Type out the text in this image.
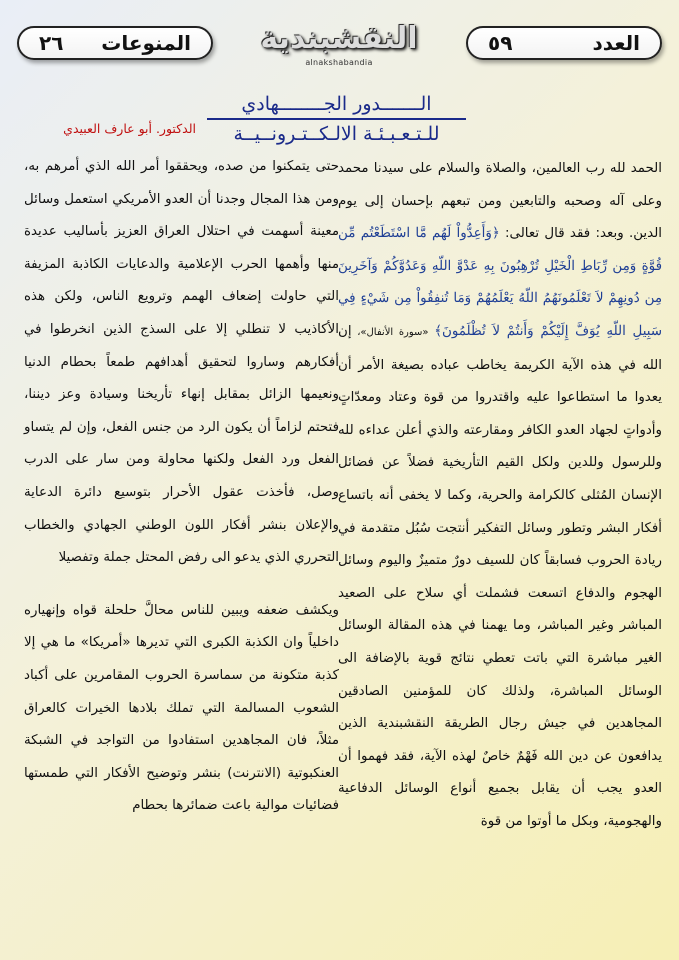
٢٦ المنوعات	النقشبندية
alnakshabandia
٥٩	العدد
الـــــــدور الجــــــــهادي
للـتـعـبـئـة الالـكــتـرونــيــة
الدكتور. أبو عارف العبيدي

الحمد لله رب العالمين، والصلاة والسلام على سيدنا محمد وعلى آله وصحبه والتابعين ومن تبعهم بإحسان إلى يوم الدين. وبعد: فقد قال تعالى: ﴿وَأَعِدُّواْ لَهُم مَّا اسْتَطَعْتُم مِّن قُوَّةٍ وَمِن رِّبَاطِ الْخَيْلِ تُرْهِبُونَ بِهِ عَدْوَّ اللّهِ وَعَدُوَّكُمْ وَآخَرِينَ مِن دُونِهِمْ لاَ تَعْلَمُونَهُمُ اللّهُ يَعْلَمُهُمْ وَمَا تُنفِقُواْ مِن شَيْءٍ فِي سَبِيلِ اللّهِ يُوَفَّ إِلَيْكُمْ وَأَنتُمْ لاَ تُظْلَمُونَ﴾ «سورة الأنفال»، إن الله في هذه الآية الكريمة يخاطب عباده بصيغة الأمر أن يعدوا ما استطاعوا عليه واقتدروا من قوة وعتاد ومعدّاتٍ وأدواتٍ لجهاد العدو الكافر ومقارعته والذي أعلن عداءه لله وللرسول وللدين ولكل القيم التأريخية فضلاً عن فضائل الإنسان المُثلى كالكرامة والحرية، وكما لا يخفى أنه باتساع أفكار البشر وتطور وسائل التفكير أنتجت سُبُل متقدمة في ريادة الحروب فسابقاً كان للسيف دورٌ متميزٌ واليوم وسائل الهجوم والدفاع اتسعت فشملت أي سلاح على الصعيد المباشر وغير المباشر، وما يهمنا في هذه المقالة الوسائل الغير مباشرة التي باتت تعطي نتائج قوية بالإضافة الى الوسائل المباشرة، ولذلك كان للمؤمنين الصادقين المجاهدين في جيش رجال الطريقة النقشبندية الذين يدافعون عن دين الله فَهْمٌ خاصٌ لهذه الآية، فقد فهموا أن العدو يجب أن يقابل بجميع أنواع الوسائل الدفاعية والهجومية، وبكل ما أوتوا من قوة

حتى يتمكنوا من صده، ويحققوا أمر الله الذي أمرهم به، ومن هذا المجال وجدنا أن العدو الأمريكي استعمل وسائل معينة أسهمت في احتلال العراق العزيز بأساليب عديدة منها وأهمها الحرب الإعلامية والدعايات الكاذبة المزيفة التي حاولت إضعاف الهمم وترويع الناس، ولكن هذه الأكاذيب لا تنطلي إلا على السذج الذين انخرطوا في أفكارهم وساروا لتحقيق أهدافهم طمعاً بحطام الدنيا ونعيمها الزائل بمقابل إنهاء تأريخنا وسيادة وعز ديننا، فتحتم لزاماً أن يكون الرد من جنس الفعل، وإن لم يتساو الفعل ورد الفعل ولكنها محاولة ومن سار على الدرب وصل، فأخذت عقول الأحرار بتوسيع دائرة الدعاية والإعلان بنشر أفكار اللون الوطني الجهادي والخطاب التحرري الذي يدعو الى رفض المحتل جملة وتفصيلا

ويكشف ضعفه ويبين للناس محالَّ حلحلة قواه وإنهياره داخلياً وان الكذبة الكبرى التي تديرها «أمريكا» ما هي إلا كذبة متكونة من سماسرة الحروب المقامرين على أكباد الشعوب المسالمة التي تملك بلادها الخيرات كالعراق مثلاً، فان المجاهدين استفادوا من التواجد في الشبكة العنكبوتية (الانترنت) بنشر وتوضيح الأفكار التي طمستها فضائيات موالية باعت ضمائرها بحطام
